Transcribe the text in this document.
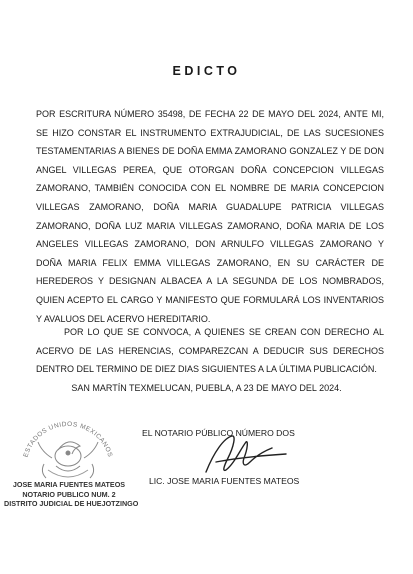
EDICTO

POR ESCRITURA NÚMERO 35498, DE FECHA 22 DE MAYO DEL 2024, ANTE MI, SE HIZO CONSTAR EL INSTRUMENTO EXTRAJUDICIAL, DE LAS SUCESIONES TESTAMENTARIAS A BIENES DE DOÑA EMMA ZAMORANO GONZALEZ Y DE DON ANGEL VILLEGAS PEREA, QUE OTORGAN DOÑA CONCEPCION VILLEGAS ZAMORANO, TAMBIÉN CONOCIDA CON EL NOMBRE DE MARIA CONCEPCION VILLEGAS ZAMORANO, DOÑA MARIA GUADALUPE PATRICIA VILLEGAS ZAMORANO, DOÑA LUZ MARIA VILLEGAS ZAMORANO, DOÑA MARIA DE LOS ANGELES VILLEGAS ZAMORANO, DON ARNULFO VILLEGAS ZAMORANO Y DOÑA MARIA FELIX EMMA VILLEGAS ZAMORANO, EN SU CARÁCTER DE HEREDEROS Y DESIGNAN ALBACEA A LA SEGUNDA DE LOS NOMBRADOS, QUIEN ACEPTO EL CARGO Y MANIFESTO QUE FORMULARÁ LOS INVENTARIOS Y AVALUOS DEL ACERVO HEREDITARIO.

POR LO QUE SE CONVOCA, A QUIENES SE CREAN CON DERECHO AL ACERVO DE LAS HERENCIAS, COMPAREZCAN A DEDUCIR SUS DERECHOS DENTRO DEL TERMINO DE DIEZ DIAS SIGUIENTES A LA ÚLTIMA PUBLICACIÓN.

SAN MARTÍN TEXMELUCAN, PUEBLA, A 23 DE MAYO DEL 2024.
ESTADOS UNIDOS MEXICANOS
JOSE MARIA FUENTES MATEOS
NOTARIO PUBLICO NUM. 2
DISTRITO JUDICIAL DE HUEJOTZINGO
EL NOTARIO PÚBLICO NÚMERO DOS
LIC. JOSE MARIA FUENTES MATEOS
